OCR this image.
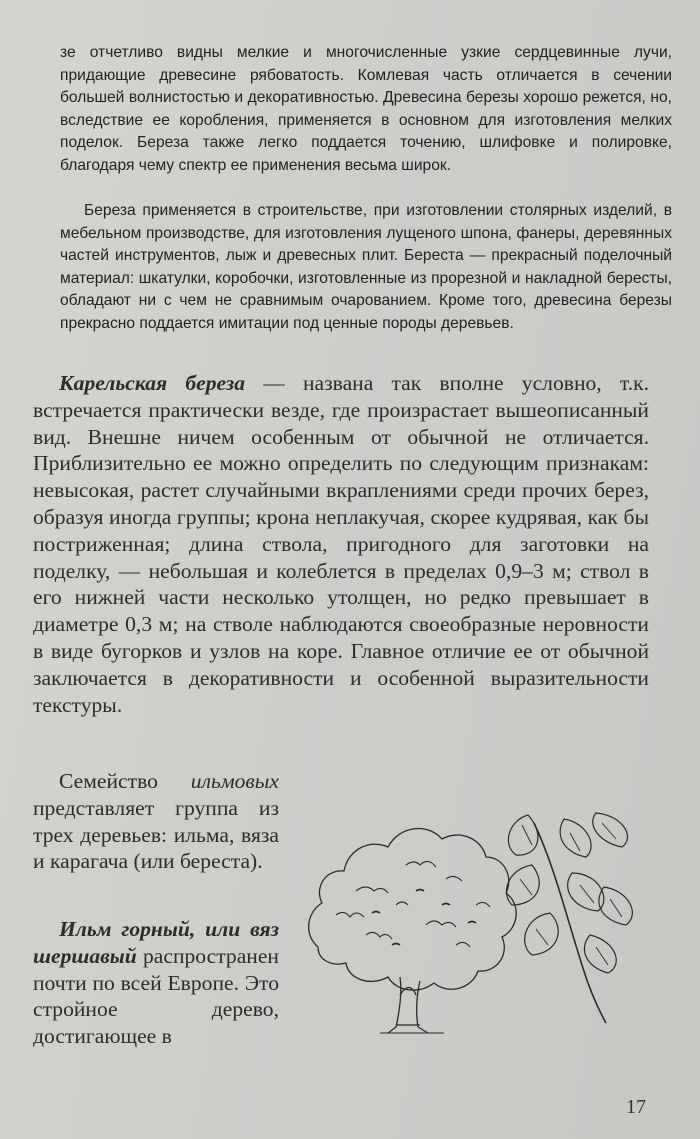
зе отчетливо видны мелкие и многочисленные узкие сердцевинные лучи, придающие древесине рябоватость. Комлевая часть отличается в сечении большей волнистостью и декоративностью. Древесина березы хорошо режется, но, вследствие ее коробления, применяется в основном для изготовления мелких поделок. Береза также легко поддается точению, шлифовке и полировке, благодаря чему спектр ее применения весьма широк.

Береза применяется в строительстве, при изготовлении столярных изделий, в мебельном производстве, для изготовления лущеного шпона, фанеры, деревянных частей инструментов, лыж и древесных плит. Береста — прекрасный поделочный материал: шкатулки, коробочки, изготовленные из прорезной и накладной бересты, обладают ни с чем не сравнимым очарованием. Кроме того, древесина березы прекрасно поддается имитации под ценные породы деревьев.

Карельская береза — названа так вполне условно, т.к. встречается практически везде, где произрастает вышеописанный вид. Внешне ничем особенным от обычной не отличается. Приблизительно ее можно определить по следующим признакам: невысокая, растет случайными вкраплениями среди прочих берез, образуя иногда группы; крона неплакучая, скорее кудрявая, как бы постриженная; длина ствола, пригодного для заготовки на поделку, — небольшая и колеблется в пределах 0,9–3 м; ствол в его нижней части несколько утолщен, но редко превышает в диаметре 0,3 м; на стволе наблюдаются своеобразные неровности в виде бугорков и узлов на коре. Главное отличие ее от обычной заключается в декоративности и особенной выразительности текстуры.

Семейство ильмовых представляет группа из трех деревьев: ильма, вяза и карагача (или береста).

Ильм горный, или вяз шершавый распространен почти по всей Европе. Это стройное дерево, достигающее в

17
